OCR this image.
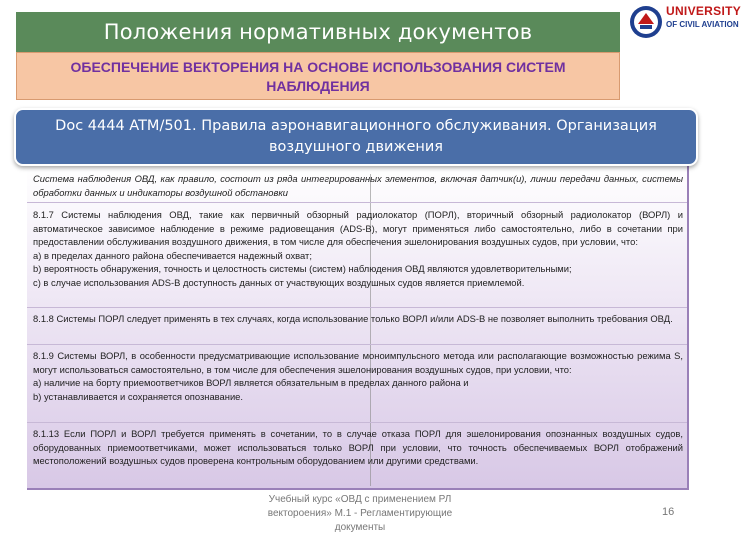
Положения нормативных документов
UNIVERSITY
OF CIVIL AVIATION
ОБЕСПЕЧЕНИЕ ВЕКТОРЕНИЯ НА ОСНОВЕ ИСПОЛЬЗОВАНИЯ СИСТЕМ
НАБЛЮДЕНИЯ
Система наблюдения ОВД, как правило, состоит из ряда интегрированных элементов, включая датчик(и), линии передачи данных, системы обработки данных и индикаторы воздушной обстановки
8.1.7 Системы наблюдения ОВД, такие как первичный обзорный радиолокатор (ПОРЛ), вторичный обзорный радиолокатор (ВОРЛ) и автоматическое зависимое наблюдение в режиме радиовещания (ADS-B), могут применяться либо самостоятельно, либо в сочетании при предоставлении обслуживания воздушного движения, в том числе для обеспечения эшелонирования воздушных судов, при условии, что:
a) в пределах данного района обеспечивается надежный охват;
b) вероятность обнаружения, точность и целостность системы (систем) наблюдения ОВД являются удовлетворительными;
c) в случае использования ADS-B доступность данных от участвующих воздушных судов является приемлемой.
8.1.8 Системы ПОРЛ следует применять в тех случаях, когда использование только ВОРЛ и/или ADS-B не позволяет выполнить требования ОВД.
8.1.9 Системы ВОРЛ, в особенности предусматривающие использование моноимпульсного метода или располагающие возможностью режима S, могут использоваться самостоятельно, в том числе для обеспечения эшелонирования воздушных судов, при условии, что:
a) наличие на борту приемоответчиков ВОРЛ является обязательным в пределах данного района и
b) устанавливается и сохраняется опознавание.
8.1.13 Если ПОРЛ и ВОРЛ требуется применять в сочетании, то в случае отказа ПОРЛ для эшелонирования опознанных воздушных судов, оборудованных приемоответчиками, может использоваться только ВОРЛ при условии, что точность обеспечиваемых ВОРЛ отображений местоположений воздушных судов проверена контрольным оборудованием или другими средствами.
Doc 4444 ATM/501. Правила аэронавигационного обслуживания. Организация
воздушного движения
Учебный курс «ОВД с применением РЛ
вектороения» М.1 - Регламентирующие
документы
16
